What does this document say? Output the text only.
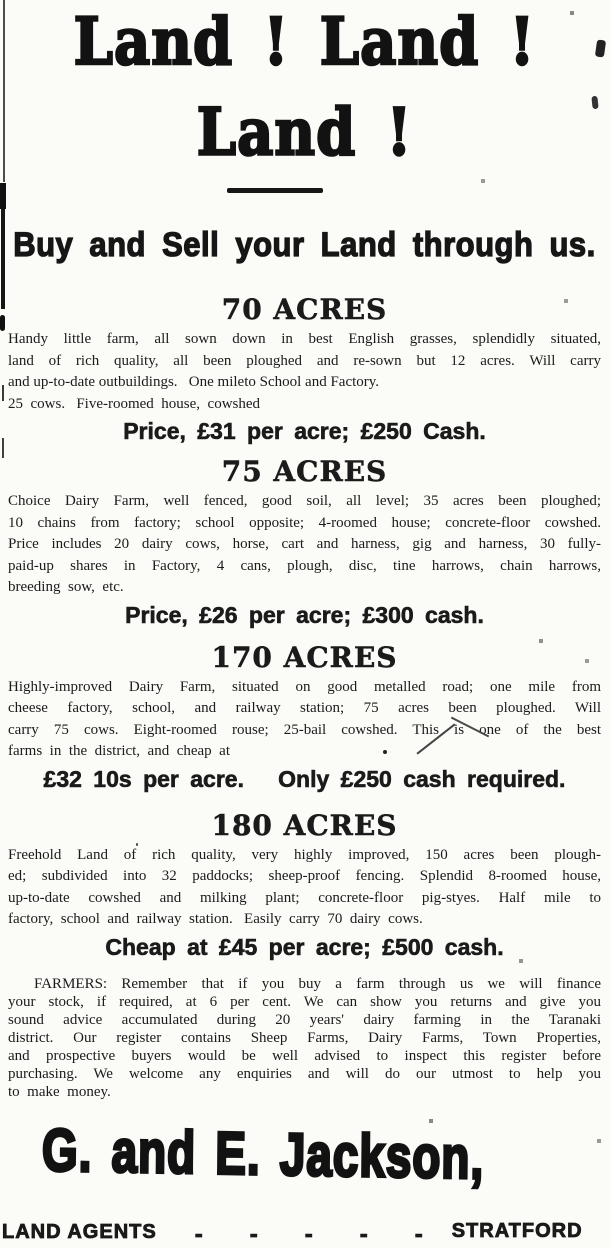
Land ! Land ! Land !
Buy and Sell your Land through us.
70 ACRES
Handy little farm, all sown down in best English grasses, splendidly situated,
land of rich quality, all been ploughed and re-sown but 12 acres. Will carry
and up-to-date outbuildings.   One mileto School and Factory.
25  cows.   Five-roomed  house,  cowshed
Price, £31 per acre; £250 Cash.
75 ACRES
Choice Dairy Farm, well fenced, good soil, all level; 35 acres been ploughed;
10 chains from factory; school opposite; 4-roomed house; concrete-floor cowshed.
Price includes 20 dairy cows, horse, cart and harness, gig and harness, 30 fully-
paid-up shares in Factory, 4 cans, plough, disc, tine harrows, chain harrows,
breeding  sow,  etc.
Price, £26 per acre; £300 cash.
170 ACRES
Highly-improved Dairy Farm, situated on good metalled road; one mile from
cheese factory, school, and railway station; 75 acres been ploughed. Will
carry 75 cows. Eight-roomed rouse; 25-bail cowshed. This is one of the best
farms  in  the  district,  and  cheap  at
£32 10s per acre.   Only £250 cash required.
180 ACRES
Freehold Land of rich quality, very highly improved, 150 acres been plough-
ed; subdivided into 32 paddocks; sheep-proof fencing. Splendid 8-roomed house,
up-to-date cowshed and milking plant; concrete-floor pig-styes. Half mile to
factory,  school  and  railway  station.   Easily  carry  70  dairy  cows.
Cheap at £45 per acre; £500 cash.
FARMERS: Remember that if you buy a farm through us we will finance
your stock, if required, at 6 per cent. We can show you returns and give you
sound advice accumulated during 20 years' dairy farming in the Taranaki
district. Our register contains Sheep Farms, Dairy Farms, Town Properties,
and prospective buyers would be well advised to inspect this register before
purchasing. We welcome any enquiries and will do our utmost to help you
to  make  money.
G. and E. Jackson,
LAND AGENTS - - - - - STRATFORD
